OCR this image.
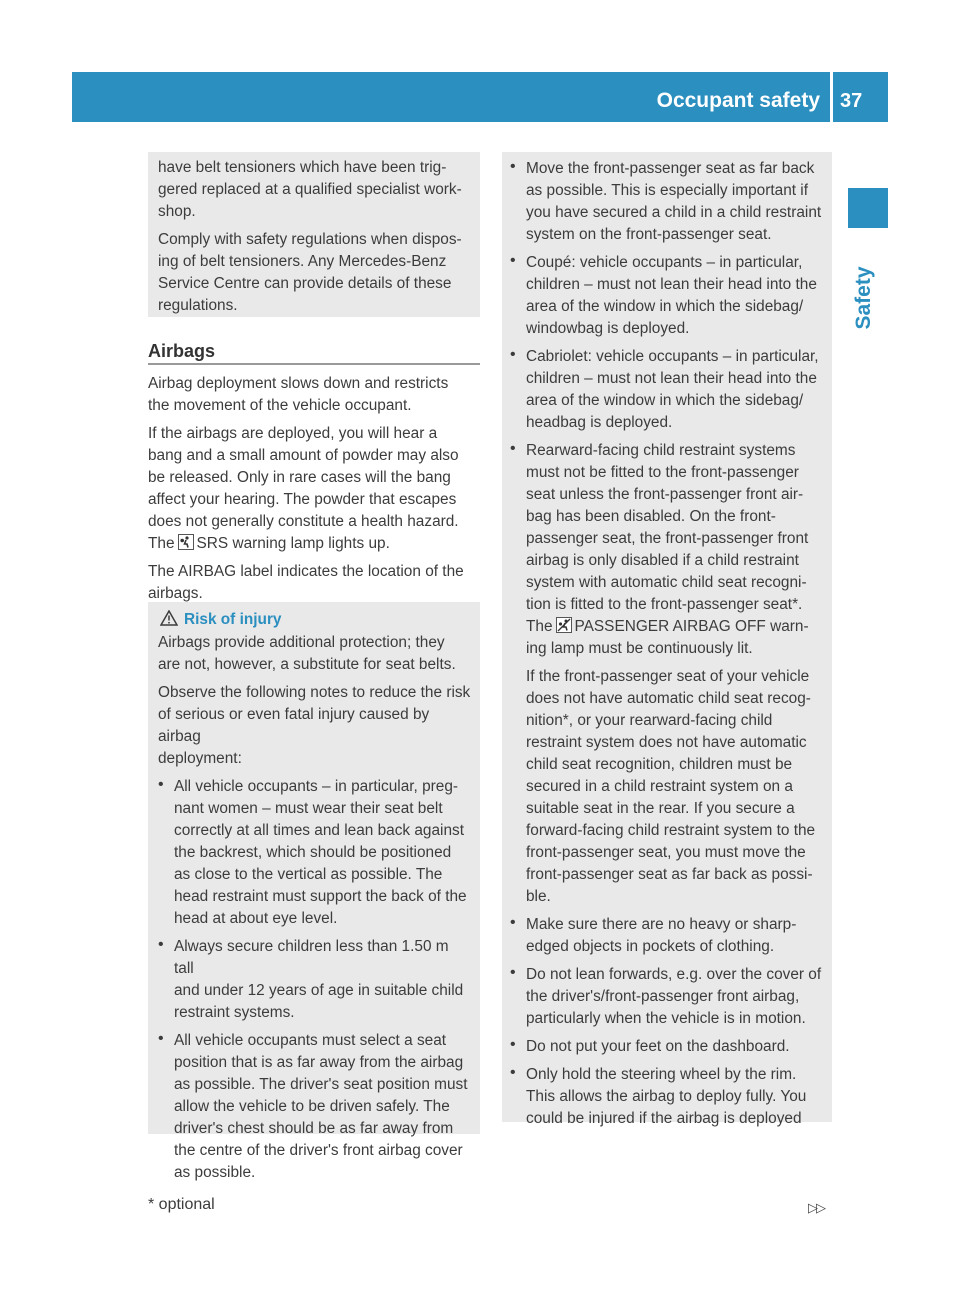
Occupant safety 37
Safety

have belt tensioners which have been trig-

gered replaced at a qualified specialist work-

shop.

Comply with safety regulations when dispos-

ing of belt tensioners. Any Mercedes-Benz

Service Centre can provide details of these

regulations.

Airbags

Airbag deployment slows down and restricts

the movement of the vehicle occupant.

If the airbags are deployed, you will hear a

bang and a small amount of powder may also

be released. Only in rare cases will the bang

affect your hearing. The powder that escapes

does not generally constitute a health hazard.

The SRS warning lamp lights up.

The AIRBAG label indicates the location of the

airbags.

Risk of injury

Airbags provide additional protection; they

are not, however, a substitute for seat belts.

Observe the following notes to reduce the risk

of serious or even fatal injury caused by airbag

deployment:

• All vehicle occupants – in particular, preg-

nant women – must wear their seat belt

correctly at all times and lean back against

the backrest, which should be positioned

as close to the vertical as possible. The

head restraint must support the back of the

head at about eye level.

• Always secure children less than 1.50 m tall

and under 12 years of age in suitable child

restraint systems.

• All vehicle occupants must select a seat

position that is as far away from the airbag

as possible. The driver's seat position must

allow the vehicle to be driven safely. The

driver's chest should be as far away from

the centre of the driver's front airbag cover

as possible.

• Move the front-passenger seat as far back

as possible. This is especially important if

you have secured a child in a child restraint

system on the front-passenger seat.

• Coupé: vehicle occupants – in particular,

children – must not lean their head into the

area of the window in which the sidebag/

windowbag is deployed.

• Cabriolet: vehicle occupants – in particular,

children – must not lean their head into the

area of the window in which the sidebag/

headbag is deployed.

• Rearward-facing child restraint systems

must not be fitted to the front-passenger

seat unless the front-passenger front air-

bag has been disabled. On the front-

passenger seat, the front-passenger front

airbag is only disabled if a child restraint

system with automatic child seat recogni-

tion is fitted to the front-passenger seat*.

The PASSENGER AIRBAG OFF warn-

ing lamp must be continuously lit.

If the front-passenger seat of your vehicle

does not have automatic child seat recog-

nition*, or your rearward-facing child

restraint system does not have automatic

child seat recognition, children must be

secured in a child restraint system on a

suitable seat in the rear. If you secure a

forward-facing child restraint system to the

front-passenger seat, you must move the

front-passenger seat as far back as possi-

ble.

• Make sure there are no heavy or sharp-

edged objects in pockets of clothing.

• Do not lean forwards, e.g. over the cover of

the driver's/front-passenger front airbag,

particularly when the vehicle is in motion.

• Do not put your feet on the dashboard.

• Only hold the steering wheel by the rim.

This allows the airbag to deploy fully. You

could be injured if the airbag is deployed

* optional	▷▷
